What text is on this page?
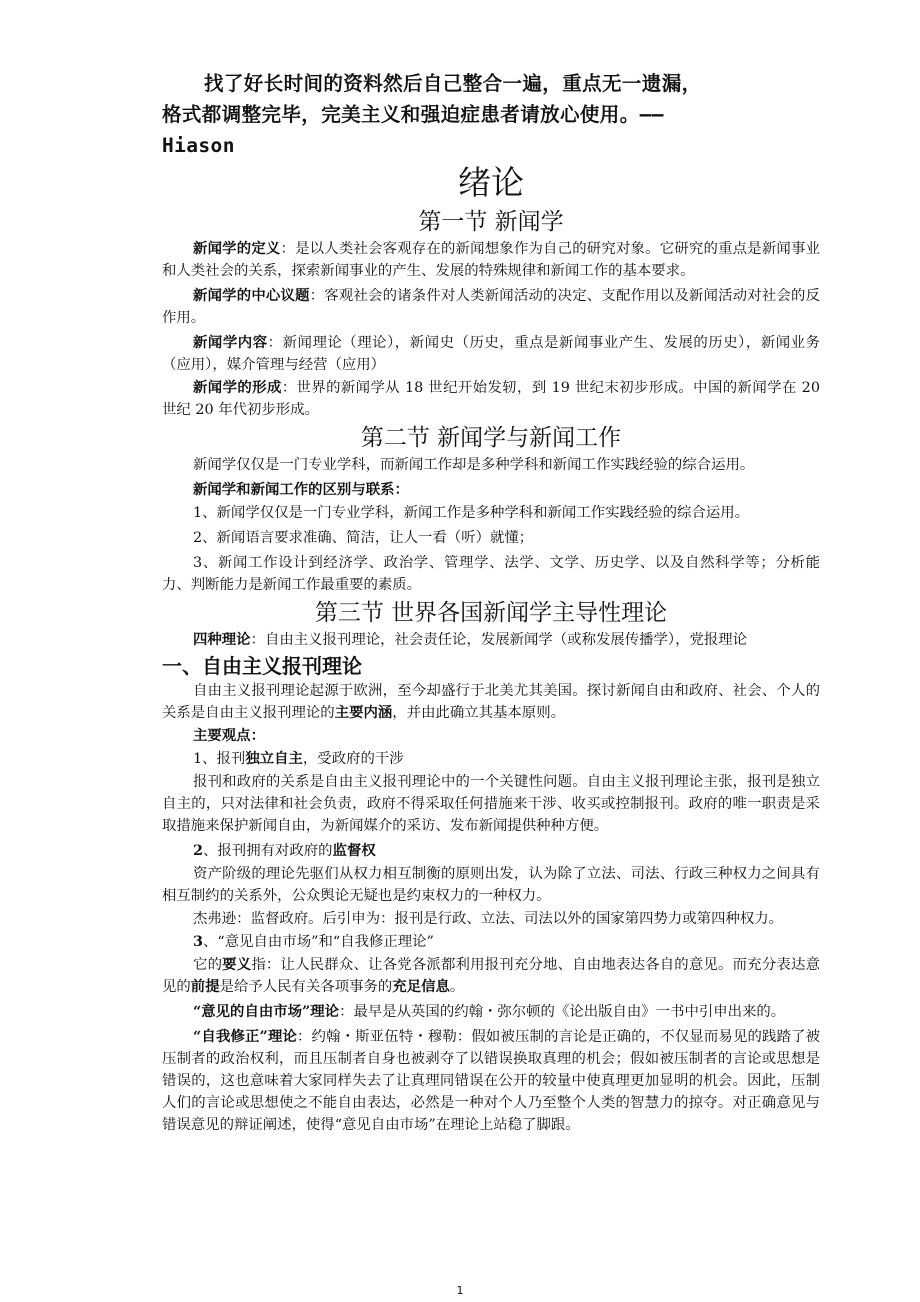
找了好长时间的资料然后自己整合一遍，重点无一遗漏，
格式都调整完毕，完美主义和强迫症患者请放心使用。——
Hiason
绪论
第一节 新闻学

新闻学的定义：是以人类社会客观存在的新闻想象作为自己的研究对象。它研究的重点是新闻事业和人类社会的关系，探索新闻事业的产生、发展的特殊规律和新闻工作的基本要求。

新闻学的中心议题：客观社会的诸条件对人类新闻活动的决定、支配作用以及新闻活动对社会的反作用。

新闻学内容：新闻理论（理论），新闻史（历史，重点是新闻事业产生、发展的历史），新闻业务（应用），媒介管理与经营（应用）

新闻学的形成：世界的新闻学从 18 世纪开始发轫，到 19 世纪末初步形成。中国的新闻学在 20 世纪 20 年代初步形成。

第二节 新闻学与新闻工作

新闻学仅仅是一门专业学科，而新闻工作却是多种学科和新闻工作实践经验的综合运用。

新闻学和新闻工作的区别与联系：

1、新闻学仅仅是一门专业学科，新闻工作是多种学科和新闻工作实践经验的综合运用。

2、新闻语言要求准确、简洁，让人一看（听）就懂；

3、新闻工作设计到经济学、政治学、管理学、法学、文学、历史学、以及自然科学等；分析能力、判断能力是新闻工作最重要的素质。

第三节 世界各国新闻学主导性理论

四种理论：自由主义报刊理论，社会责任论，发展新闻学（或称发展传播学），党报理论

一、自由主义报刊理论

自由主义报刊理论起源于欧洲，至今却盛行于北美尤其美国。探讨新闻自由和政府、社会、个人的关系是自由主义报刊理论的主要内涵，并由此确立其基本原则。

主要观点：

1、报刊独立自主，受政府的干涉

报刊和政府的关系是自由主义报刊理论中的一个关键性问题。自由主义报刊理论主张，报刊是独立自主的，只对法律和社会负责，政府不得采取任何措施来干涉、收买或控制报刊。政府的唯一职责是采取措施来保护新闻自由，为新闻媒介的采访、发布新闻提供种种方便。

2、报刊拥有对政府的监督权

资产阶级的理论先驱们从权力相互制衡的原则出发，认为除了立法、司法、行政三种权力之间具有相互制约的关系外，公众舆论无疑也是约束权力的一种权力。

杰弗逊：监督政府。后引申为：报刊是行政、立法、司法以外的国家第四势力或第四种权力。

3、“意见自由市场”和“自我修正理论”

它的要义指：让人民群众、让各党各派都利用报刊充分地、自由地表达各自的意见。而充分表达意见的前提是给予人民有关各项事务的充足信息。

“意见的自由市场”理论：最早是从英国的约翰・弥尔顿的《论出版自由》一书中引申出来的。

“自我修正”理论：约翰・斯亚伍特・穆勒：假如被压制的言论是正确的，不仅显而易见的践踏了被压制者的政治权利，而且压制者自身也被剥夺了以错误换取真理的机会；假如被压制者的言论或思想是错误的，这也意味着大家同样失去了让真理同错误在公开的较量中使真理更加显明的机会。因此，压制人们的言论或思想使之不能自由表达，必然是一种对个人乃至整个人类的智慧力的掠夺。对正确意见与错误意见的辩证阐述，使得“意见自由市场”在理论上站稳了脚跟。

1
